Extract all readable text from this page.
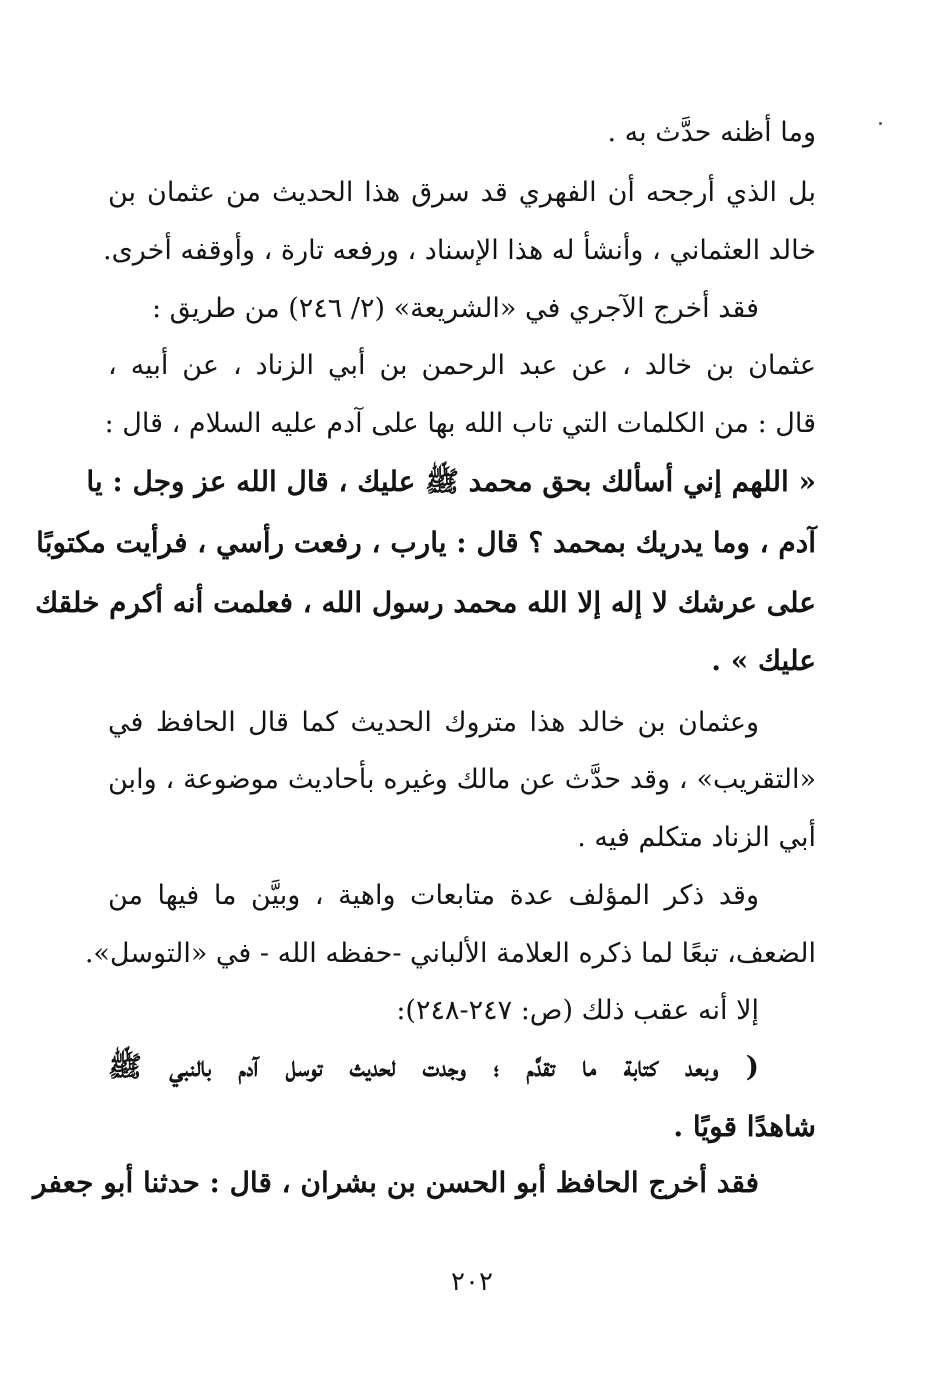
وما أظنه حدَّث به .
بل الذي أرجحه أن الفهري قد سرق هذا الحديث من عثمان بن
خالد العثماني ، وأنشأ له هذا الإسناد ، ورفعه تارة ، وأوقفه أخرى.
فقد أخرج الآجري في «الشريعة» (٢/ ٢٤٦) من طريق :
عثمان بن خالد ، عن عبد الرحمن بن أبي الزناد ، عن أبيه ،
قال : من الكلمات التي تاب الله بها على آدم عليه السلام ، قال :
« اللهم إني أسألك بحق محمد ﷺ عليك ، قال الله عز وجل : يا
آدم ، وما يدريك بمحمد ؟ قال : يارب ، رفعت رأسي ، فرأيت مكتوبًا
على عرشك لا إله إلا الله محمد رسول الله ، فعلمت أنه أكرم خلقك
عليك » .
وعثمان بن خالد هذا متروك الحديث كما قال الحافظ في
«التقريب» ، وقد حدَّث عن مالك وغيره بأحاديث موضوعة ، وابن
أبي الزناد متكلم فيه .
وقد ذكر المؤلف عدة متابعات واهية ، وبيَّن ما فيها من
الضعف، تبعًا لما ذكره العلامة الألباني -حفظه الله - في «التوسل».
إلا أنه عقب ذلك (ص: ٢٤٧-٢٤٨):
( وبعد كتابة ما تقدَّم ؛ وجدت لحديث توسل آدم بالنبي ﷺ
شاهدًا قويًا .
فقد أخرج الحافظ أبو الحسن بن بشران ، قال : حدثنا أبو جعفر
٢٠٢
